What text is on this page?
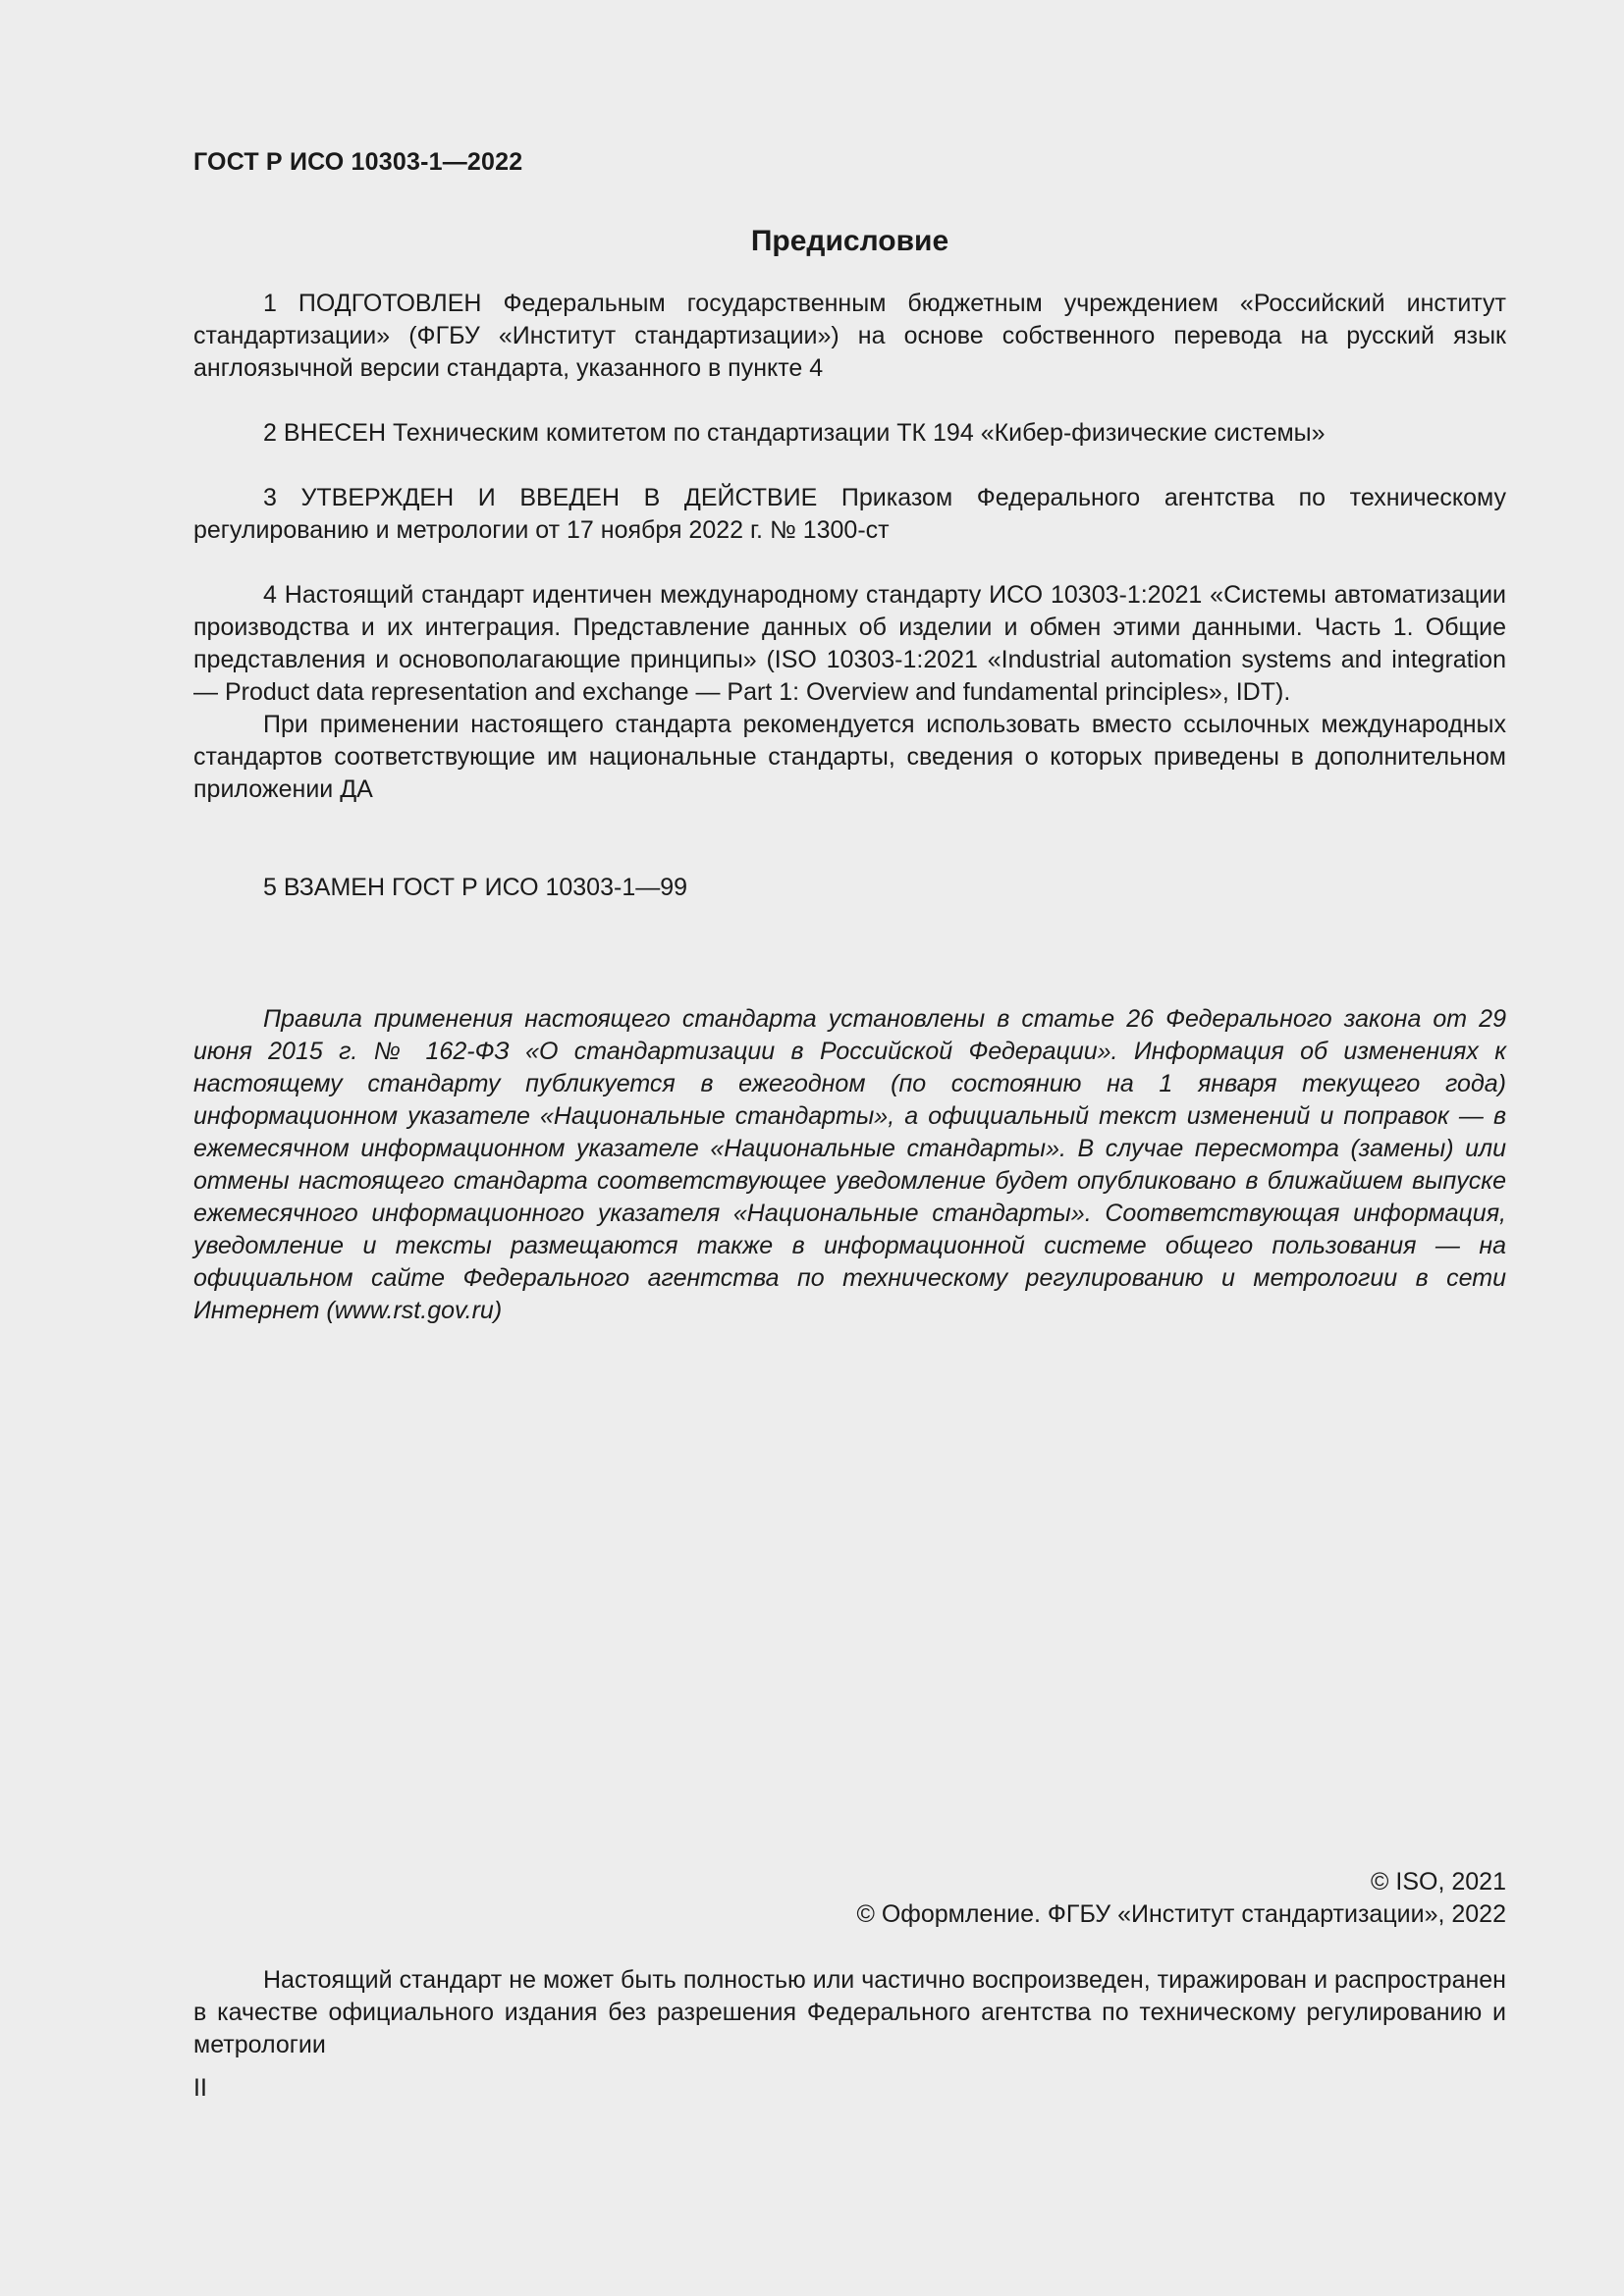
ГОСТ Р ИСО 10303-1—2022
Предисловие

1 ПОДГОТОВЛЕН Федеральным государственным бюджетным учреждением «Российский институт стандартизации» (ФГБУ «Институт стандартизации») на основе собственного перевода на русский язык англоязычной версии стандарта, указанного в пункте 4

2 ВНЕСЕН Техническим комитетом по стандартизации ТК 194 «Кибер-физические системы»

3 УТВЕРЖДЕН И ВВЕДЕН В ДЕЙСТВИЕ Приказом Федерального агентства по техническому регулированию и метрологии от 17 ноября 2022 г. № 1300-ст

4 Настоящий стандарт идентичен международному стандарту ИСО 10303-1:2021 «Системы автоматизации производства и их интеграция. Представление данных об изделии и обмен этими данными. Часть 1. Общие представления и основополагающие принципы» (ISO 10303-1:2021 «Industrial automation systems and integration — Product data representation and exchange — Part 1: Overview and fundamental principles», IDT).

При применении настоящего стандарта рекомендуется использовать вместо ссылочных международных стандартов соответствующие им национальные стандарты, сведения о которых приведены в дополнительном приложении ДА

5 ВЗАМЕН ГОСТ Р ИСО 10303-1—99

Правила применения настоящего стандарта установлены в статье 26 Федерального закона от 29 июня 2015 г. № 162-ФЗ «О стандартизации в Российской Федерации». Информация об изменениях к настоящему стандарту публикуется в ежегодном (по состоянию на 1 января текущего года) информационном указателе «Национальные стандарты», а официальный текст изменений и поправок — в ежемесячном информационном указателе «Национальные стандарты». В случае пересмотра (замены) или отмены настоящего стандарта соответствующее уведомление будет опубликовано в ближайшем выпуске ежемесячного информационного указателя «Национальные стандарты». Соответствующая информация, уведомление и тексты размещаются также в информационной системе общего пользования — на официальном сайте Федерального агентства по техническому регулированию и метрологии в сети Интернет (www.rst.gov.ru)

© ISO, 2021
© Оформление. ФГБУ «Институт стандартизации», 2022

Настоящий стандарт не может быть полностью или частично воспроизведен, тиражирован и распространен в качестве официального издания без разрешения Федерального агентства по техническому регулированию и метрологии

II
